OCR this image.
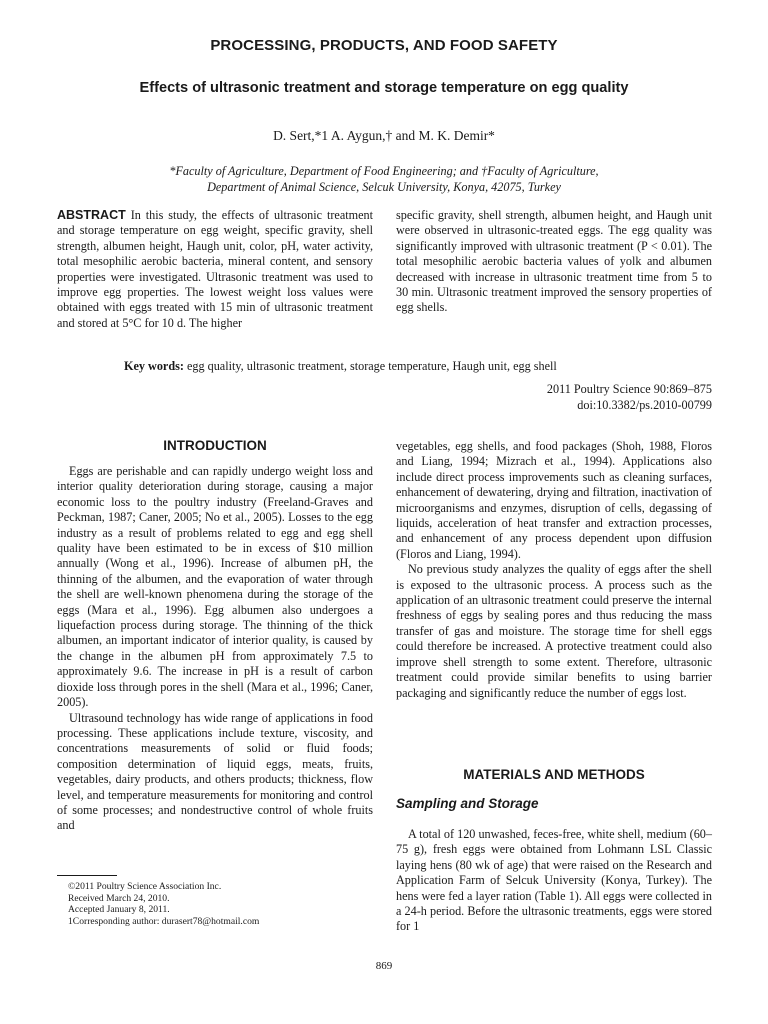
PROCESSING, PRODUCTS, AND FOOD SAFETY
Effects of ultrasonic treatment and storage temperature on egg quality
D. Sert,*1 A. Aygun,† and M. K. Demir*
*Faculty of Agriculture, Department of Food Engineering; and †Faculty of Agriculture,
Department of Animal Science, Selcuk University, Konya, 42075, Turkey
ABSTRACT In this study, the effects of ultrasonic treatment and storage temperature on egg weight, specific gravity, shell strength, albumen height, Haugh unit, color, pH, water activity, total mesophilic aerobic bacteria, mineral content, and sensory properties were investigated. Ultrasonic treatment was used to improve egg properties. The lowest weight loss values were obtained with eggs treated with 15 min of ultrasonic treatment and stored at 5°C for 10 d. The higher
specific gravity, shell strength, albumen height, and Haugh unit were observed in ultrasonic-treated eggs. The egg quality was significantly improved with ultrasonic treatment (P < 0.01). The total mesophilic aerobic bacteria values of yolk and albumen decreased with increase in ultrasonic treatment time from 5 to 30 min. Ultrasonic treatment improved the sensory properties of egg shells.
Key words: egg quality, ultrasonic treatment, storage temperature, Haugh unit, egg shell
2011 Poultry Science 90:869–875
doi:10.3382/ps.2010-00799
INTRODUCTION

Eggs are perishable and can rapidly undergo weight loss and interior quality deterioration during storage, causing a major economic loss to the poultry industry (Freeland-Graves and Peckman, 1987; Caner, 2005; No et al., 2005). Losses to the egg industry as a result of problems related to egg and egg shell quality have been estimated to be in excess of $10 million annually (Wong et al., 1996). Increase of albumen pH, the thinning of the albumen, and the evaporation of water through the shell are well-known phenomena during the storage of the eggs (Mara et al., 1996). Egg albumen also undergoes a liquefaction process during storage. The thinning of the thick albumen, an important indicator of interior quality, is caused by the change in the albumen pH from approximately 7.5 to approximately 9.6. The increase in pH is a result of carbon dioxide loss through pores in the shell (Mara et al., 1996; Caner, 2005).

Ultrasound technology has wide range of applications in food processing. These applications include texture, viscosity, and concentrations measurements of solid or fluid foods; composition determination of liquid eggs, meats, fruits, vegetables, dairy products, and others products; thickness, flow level, and temperature measurements for monitoring and control of some processes; and nondestructive control of whole fruits and

vegetables, egg shells, and food packages (Shoh, 1988, Floros and Liang, 1994; Mizrach et al., 1994). Applications also include direct process improvements such as cleaning surfaces, enhancement of dewatering, drying and filtration, inactivation of microorganisms and enzymes, disruption of cells, degassing of liquids, acceleration of heat transfer and extraction processes, and enhancement of any process dependent upon diffusion (Floros and Liang, 1994).

No previous study analyzes the quality of eggs after the shell is exposed to the ultrasonic process. A process such as the application of an ultrasonic treatment could preserve the internal freshness of eggs by sealing pores and thus reducing the mass transfer of gas and moisture. The storage time for shell eggs could therefore be increased. A protective treatment could also improve shell strength to some extent. Therefore, ultrasonic treatment could provide similar benefits to using barrier packaging and significantly reduce the number of eggs lost.

MATERIALS AND METHODS
Sampling and Storage

A total of 120 unwashed, feces-free, white shell, medium (60–75 g), fresh eggs were obtained from Lohmann LSL Classic laying hens (80 wk of age) that were raised on the Research and Application Farm of Selcuk University (Konya, Turkey). The hens were fed a layer ration (Table 1). All eggs were collected in a 24-h period. Before the ultrasonic treatments, eggs were stored for 1

©2011 Poultry Science Association Inc.
Received March 24, 2010.
Accepted January 8, 2011.
1Corresponding author: durasert78@hotmail.com
869
